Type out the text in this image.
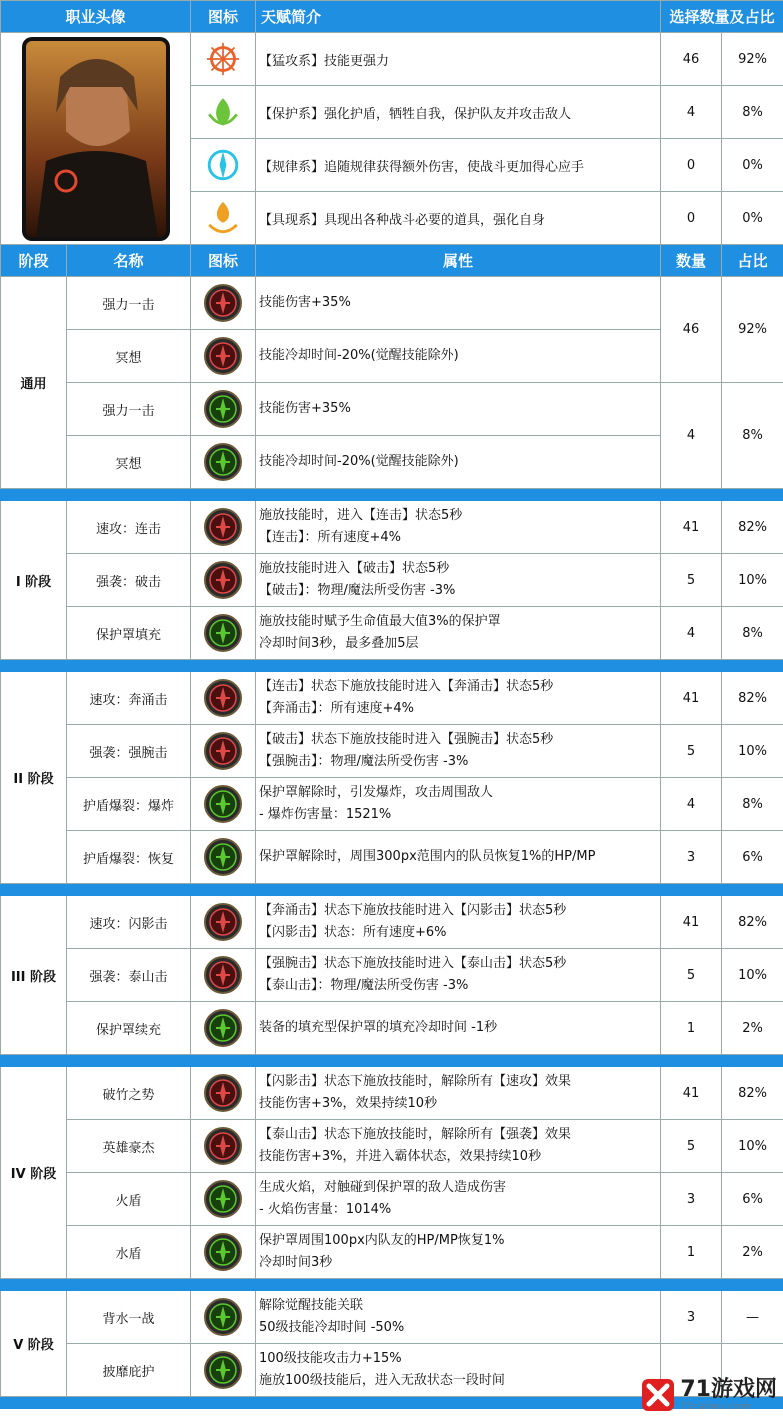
职业头像		图标	天赋简介	选择数量及占比	

	【猛攻系】技能更强力	46	92%

	【保护系】强化护盾，牺牲自我，保护队友并攻击敌人	4	8%

	【规律系】追随规律获得额外伤害，使战斗更加得心应手	0	0%

	【具现系】具现出各种战斗必要的道具，强化自身	0	0%
阶段	名称	图标	属性	数量	占比
通用	强力一击		技能伤害+35%	46	92%
	冥想		技能冷却时间-20%(觉醒技能除外)		

	强力一击		技能伤害+35%	4	8%
	冥想		技能冷却时间-20%(觉醒技能除外)		

I 阶段	速攻：连击		施放技能时，进入【连击】状态5秒
【连击】：所有速度+4%	41	82%
	强袭：破击		施放技能时进入【破击】状态5秒
【破击】：物理/魔法所受伤害 -3%	5	10%
	保护罩填充		施放技能时赋予生命值最大值3%的保护罩
冷却时间3秒，最多叠加5层	4	8%

II 阶段	速攻：奔涌击		【连击】状态下施放技能时进入【奔涌击】状态5秒
【奔涌击】：所有速度+4%	41	82%
	强袭：强腕击		【破击】状态下施放技能时进入【强腕击】状态5秒
【强腕击】：物理/魔法所受伤害 -3%	5	10%
	护盾爆裂：爆炸		保护罩解除时，引发爆炸，攻击周围敌人
- 爆炸伤害量：1521%	4	8%
	护盾爆裂：恢复		保护罩解除时，周围300px范围内的队员恢复1%的HP/MP	3	6%

III 阶段	速攻：闪影击		【奔涌击】状态下施放技能时进入【闪影击】状态5秒
【闪影击】状态：所有速度+6%	41	82%
	强袭：泰山击		【强腕击】状态下施放技能时进入【泰山击】状态5秒
【泰山击】：物理/魔法所受伤害 -3%	5	10%
	保护罩续充		装备的填充型保护罩的填充冷却时间 -1秒	1	2%

IV 阶段	破竹之势		【闪影击】状态下施放技能时，解除所有【速攻】效果
技能伤害+3%，效果持续10秒	41	82%
	英雄豪杰		【泰山击】状态下施放技能时，解除所有【强袭】效果
技能伤害+3%，并进入霸体状态，效果持续10秒	5	10%
	火盾		生成火焰，对触碰到保护罩的敌人造成伤害
- 火焰伤害量：1014%	3	6%
	水盾		保护罩周围100px内队友的HP/MP恢复1%
冷却时间3秒	1	2%

V 阶段	背水一战		解除觉醒技能关联
50级技能冷却时间 -50%	3	—
	披靡庇护		100级技能攻击力+15%
施放100级技能后，进入无敌状态一段时间		
			71游戏网
71calwu.com
